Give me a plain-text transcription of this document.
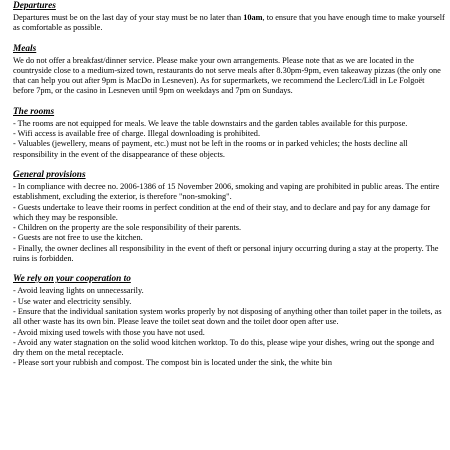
Departures

Departures must be on the last day of your stay must be no later than 10am, to ensure that you have enough time to make yourself as comfortable as possible.

Meals

We do not offer a breakfast/dinner service. Please make your own arrangements. Please note that as we are located in the countryside close to a medium-sized town, restaurants do not serve meals after 8.30pm-9pm, even takeaway pizzas (the only one that can help you out after 9pm is MacDo in Lesneven). As for supermarkets, we recommend the Leclerc/Lidl in Le Folgoët before 7pm, or the casino in Lesneven until 9pm on weekdays and 7pm on Sundays.

The rooms

- The rooms are not equipped for meals. We leave the table downstairs and the garden tables available for this purpose.

- Wifi access is available free of charge. Illegal downloading is prohibited.

- Valuables (jewellery, means of payment, etc.) must not be left in the rooms or in parked vehicles; the hosts decline all responsibility in the event of the disappearance of these objects.

General provisions

- In compliance with decree no. 2006-1386 of 15 November 2006, smoking and vaping are prohibited in public areas. The entire establishment, excluding the exterior, is therefore "non-smoking".

- Guests undertake to leave their rooms in perfect condition at the end of their stay, and to declare and pay for any damage for which they may be responsible.

- Children on the property are the sole responsibility of their parents.

- Guests are not free to use the kitchen.

- Finally, the owner declines all responsibility in the event of theft or personal injury occurring during a stay at the property. The ruins is forbidden.

We rely on your cooperation to

- Avoid leaving lights on unnecessarily.

- Use water and electricity sensibly.

- Ensure that the individual sanitation system works properly by not disposing of anything other than toilet paper in the toilets, as all other waste has its own bin. Please leave the toilet seat down and the toilet door open after use.

- Avoid mixing used towels with those you have not used.

- Avoid any water stagnation on the solid wood kitchen worktop. To do this, please wipe your dishes, wring out the sponge and dry them on the metal receptacle.

- Please sort your rubbish and compost. The compost bin is located under the sink, the white bin
